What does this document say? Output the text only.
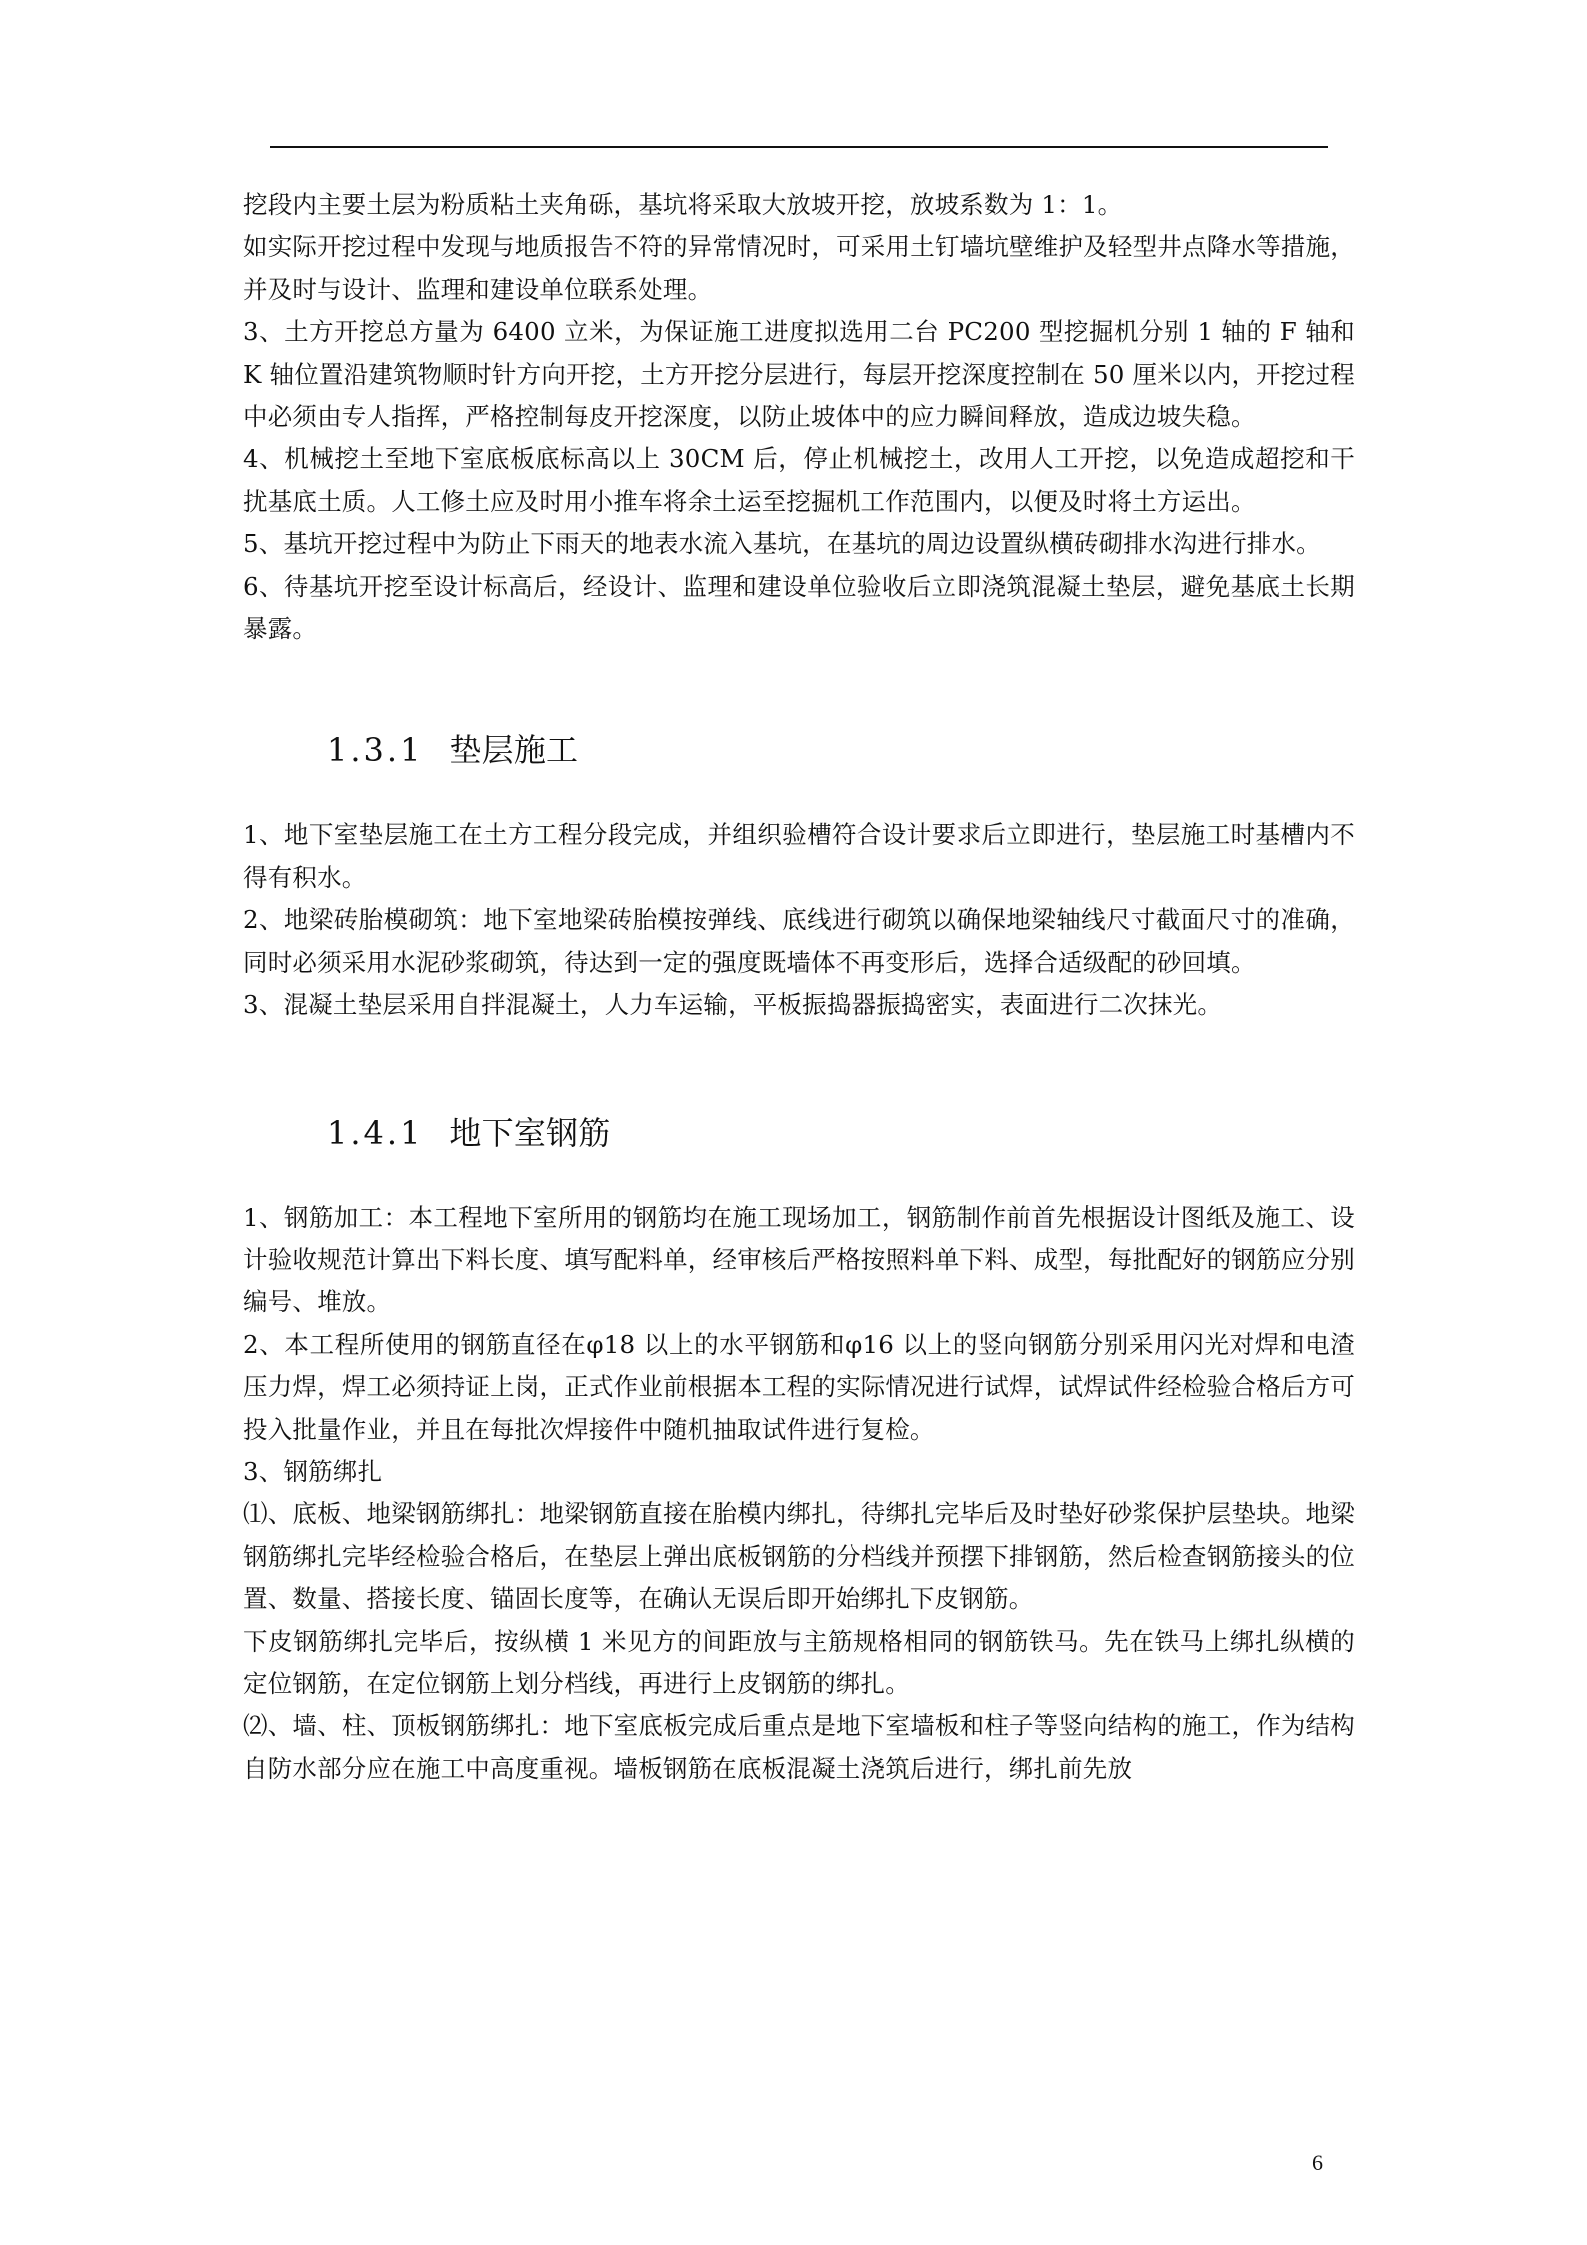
挖段内主要土层为粉质粘土夹角砾，基坑将采取大放坡开挖，放坡系数为 1：1。

如实际开挖过程中发现与地质报告不符的异常情况时，可采用土钉墙坑壁维护及轻型井点降水等措施，并及时与设计、监理和建设单位联系处理。

3、土方开挖总方量为 6400 立米，为保证施工进度拟选用二台 PC200 型挖掘机分别 1 轴的 F 轴和 K 轴位置沿建筑物顺时针方向开挖，土方开挖分层进行，每层开挖深度控制在 50 厘米以内，开挖过程中必须由专人指挥，严格控制每皮开挖深度，以防止坡体中的应力瞬间释放，造成边坡失稳。

4、机械挖土至地下室底板底标高以上 30CM 后，停止机械挖土，改用人工开挖，以免造成超挖和干扰基底土质。人工修土应及时用小推车将余土运至挖掘机工作范围内，以便及时将土方运出。

5、基坑开挖过程中为防止下雨天的地表水流入基坑，在基坑的周边设置纵横砖砌排水沟进行排水。

6、待基坑开挖至设计标高后，经设计、监理和建设单位验收后立即浇筑混凝土垫层，避免基底土长期暴露。

1.3.1 垫层施工

1、地下室垫层施工在土方工程分段完成，并组织验槽符合设计要求后立即进行，垫层施工时基槽内不得有积水。

2、地梁砖胎模砌筑：地下室地梁砖胎模按弹线、底线进行砌筑以确保地梁轴线尺寸截面尺寸的准确，同时必须采用水泥砂浆砌筑，待达到一定的强度既墙体不再变形后，选择合适级配的砂回填。

3、混凝土垫层采用自拌混凝土，人力车运输，平板振捣器振捣密实，表面进行二次抹光。

1.4.1 地下室钢筋

1、钢筋加工：本工程地下室所用的钢筋均在施工现场加工，钢筋制作前首先根据设计图纸及施工、设计验收规范计算出下料长度、填写配料单，经审核后严格按照料单下料、成型，每批配好的钢筋应分别编号、堆放。

2、本工程所使用的钢筋直径在φ18 以上的水平钢筋和φ16 以上的竖向钢筋分别采用闪光对焊和电渣压力焊，焊工必须持证上岗，正式作业前根据本工程的实际情况进行试焊，试焊试件经检验合格后方可投入批量作业，并且在每批次焊接件中随机抽取试件进行复检。

3、钢筋绑扎

⑴、底板、地梁钢筋绑扎：地梁钢筋直接在胎模内绑扎，待绑扎完毕后及时垫好砂浆保护层垫块。地梁钢筋绑扎完毕经检验合格后，在垫层上弹出底板钢筋的分档线并预摆下排钢筋，然后检查钢筋接头的位置、数量、搭接长度、锚固长度等，在确认无误后即开始绑扎下皮钢筋。

下皮钢筋绑扎完毕后，按纵横 1 米见方的间距放与主筋规格相同的钢筋铁马。先在铁马上绑扎纵横的定位钢筋，在定位钢筋上划分档线，再进行上皮钢筋的绑扎。

⑵、墙、柱、顶板钢筋绑扎：地下室底板完成后重点是地下室墙板和柱子等竖向结构的施工，作为结构自防水部分应在施工中高度重视。墙板钢筋在底板混凝土浇筑后进行，绑扎前先放

6
